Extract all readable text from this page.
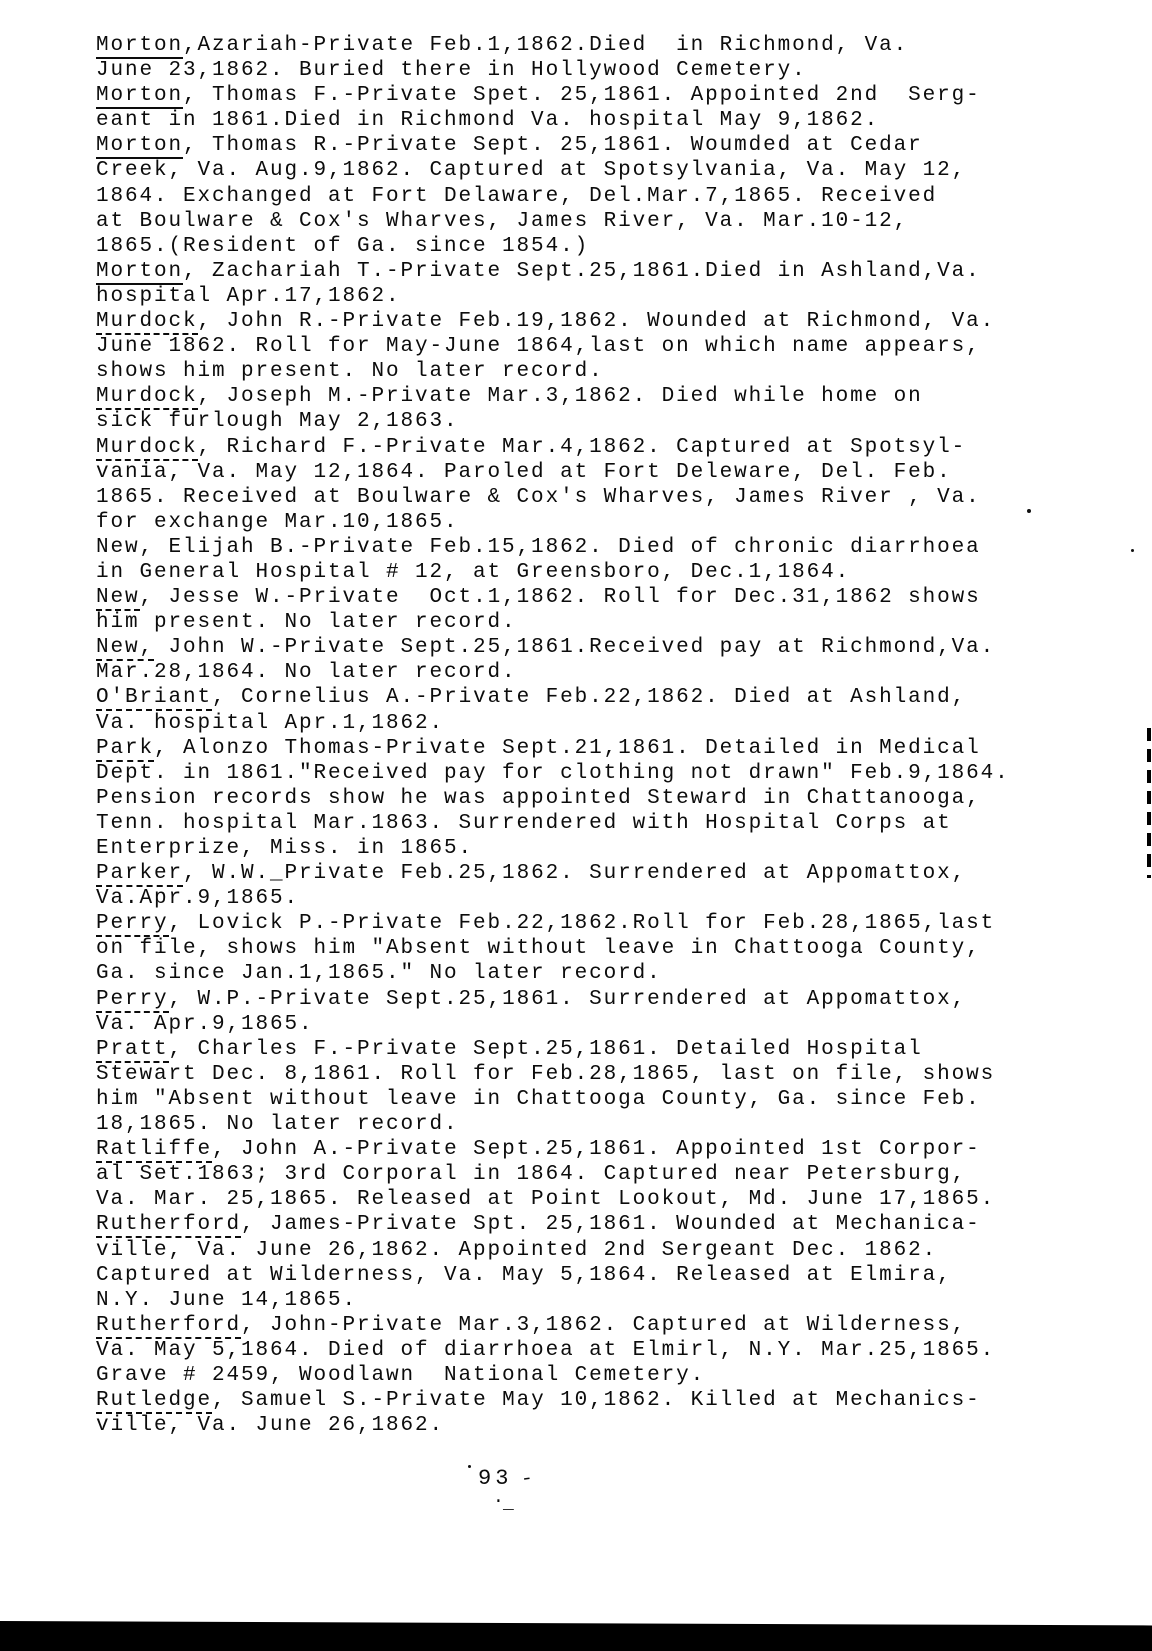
Morton,Azariah-Private Feb.1,1862.Died  in Richmond, Va.
June 23,1862. Buried there in Hollywood Cemetery.
Morton, Thomas F.-Private Spet. 25,1861. Appointed 2nd  Serg-
eant in 1861.Died in Richmond Va. hospital May 9,1862.
Morton, Thomas R.-Private Sept. 25,1861. Woumded at Cedar
Creek, Va. Aug.9,1862. Captured at Spotsylvania, Va. May 12,
1864. Exchanged at Fort Delaware, Del.Mar.7,1865. Received
at Boulware & Cox's Wharves, James River, Va. Mar.10-12,
1865.(Resident of Ga. since 1854.)
Morton, Zachariah T.-Private Sept.25,1861.Died in Ashland,Va.
hospital Apr.17,1862.
Murdock, John R.-Private Feb.19,1862. Wounded at Richmond, Va.
June 1862. Roll for May-June 1864,last on which name appears,
shows him present. No later record.
Murdock, Joseph M.-Private Mar.3,1862. Died while home on
sick furlough May 2,1863.
Murdock, Richard F.-Private Mar.4,1862. Captured at Spotsyl-
vania, Va. May 12,1864. Paroled at Fort Deleware, Del. Feb.
1865. Received at Boulware & Cox's Wharves, James River , Va.
for exchange Mar.10,1865.
New, Elijah B.-Private Feb.15,1862. Died of chronic diarrhoea
in General Hospital # 12, at Greensboro, Dec.1,1864.
New, Jesse W.-Private  Oct.1,1862. Roll for Dec.31,1862 shows
him present. No later record.
New, John W.-Private Sept.25,1861.Received pay at Richmond,Va.
Mar.28,1864. No later record.
O'Briant, Cornelius A.-Private Feb.22,1862. Died at Ashland,
Va. hospital Apr.1,1862.
Park, Alonzo Thomas-Private Sept.21,1861. Detailed in Medical
Dept. in 1861."Received pay for clothing not drawn" Feb.9,1864.
Pension records show he was appointed Steward in Chattanooga,
Tenn. hospital Mar.1863. Surrendered with Hospital Corps at
Enterprize, Miss. in 1865.
Parker, W.W._Private Feb.25,1862. Surrendered at Appomattox,
Va.Apr.9,1865.
Perry, Lovick P.-Private Feb.22,1862.Roll for Feb.28,1865,last
on file, shows him "Absent without leave in Chattooga County,
Ga. since Jan.1,1865." No later record.
Perry, W.P.-Private Sept.25,1861. Surrendered at Appomattox,
Va. Apr.9,1865.
Pratt, Charles F.-Private Sept.25,1861. Detailed Hospital
Stewart Dec. 8,1861. Roll for Feb.28,1865, last on file, shows
him "Absent without leave in Chattooga County, Ga. since Feb.
18,1865. No later record.
Ratliffe, John A.-Private Sept.25,1861. Appointed 1st Corpor-
al Set.1863; 3rd Corporal in 1864. Captured near Petersburg,
Va. Mar. 25,1865. Released at Point Lookout, Md. June 17,1865.
Rutherford, James-Private Spt. 25,1861. Wounded at Mechanica-
ville, Va. June 26,1862. Appointed 2nd Sergeant Dec. 1862.
Captured at Wilderness, Va. May 5,1864. Released at Elmira,
N.Y. June 14,1865.
Rutherford, John-Private Mar.3,1862. Captured at Wilderness,
Va. May 5,1864. Died of diarrhoea at Elmirl, N.Y. Mar.25,1865.
Grave # 2459, Woodlawn  National Cemetery.
Rutledge, Samuel S.-Private May 10,1862. Killed at Mechanics-
ville, Va. June 26,1862.
93 -
· _
